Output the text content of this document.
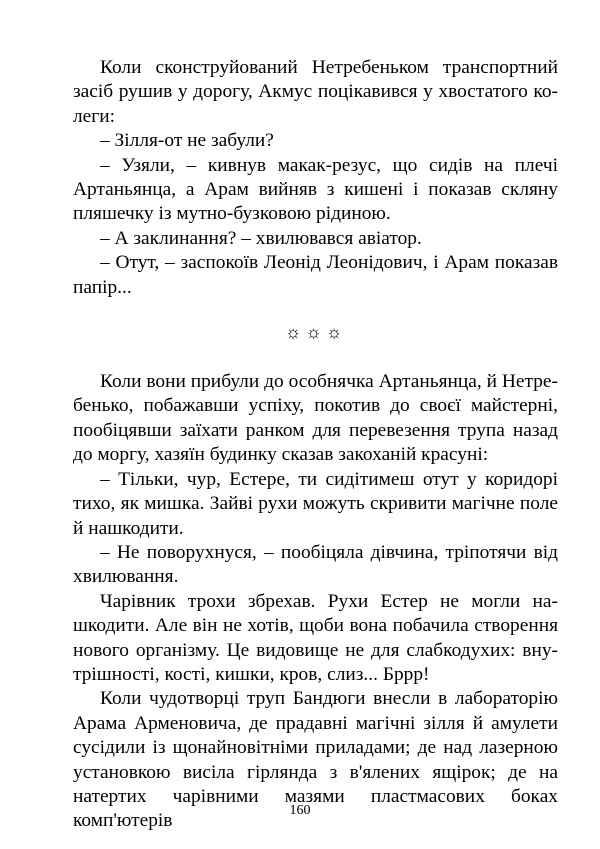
Коли сконструйований Нетребеньком транспортний засіб рушив у дорогу, Акмус поцікавився у хвостатого колеги:

– Зілля-от не забули?

– Узяли, – кивнув макак-резус, що сидів на плечі Артаньянца, а Арам вийняв з кишені і показав скляну пляшечку із мутно-бузковою рідиною.

– А заклинання? – хвилювався авіатор.

– Отут, – заспокоїв Леонід Леонідович, і Арам показав папір...

☼☼☼

Коли вони прибули до особнячка Артаньянца, й Нетребенько, побажавши успіху, покотив до своєї майстерні, пообіцявши заїхати ранком для перевезення трупа назад до моргу, хазяїн будинку сказав закоханій красуні:

– Тільки, чур, Естере, ти сидітимеш отут у коридорі тихо, як мишка. Зайві рухи можуть скривити магічне поле й нашкодити.

– Не поворухнуся, – пообіцяла дівчина, тріпотячи від хвилювання.

Чарівник трохи збрехав. Рухи Естер не могли нашкодити. Але він не хотів, щоби вона побачила створення нового організму. Це видовище не для слабкодухих: внутрішності, кості, кишки, кров, слиз... Бррр!

Коли чудотворці труп Бандюги внесли в лабораторію Арама Арменовича, де прадавні магічні зілля й амулети сусідили із щонайновітніми приладами; де над лазерною установкою висіла гірлянда з в'ялених ящірок; де на натертих чарівними мазями пластмасових боках комп'ютерів	160
